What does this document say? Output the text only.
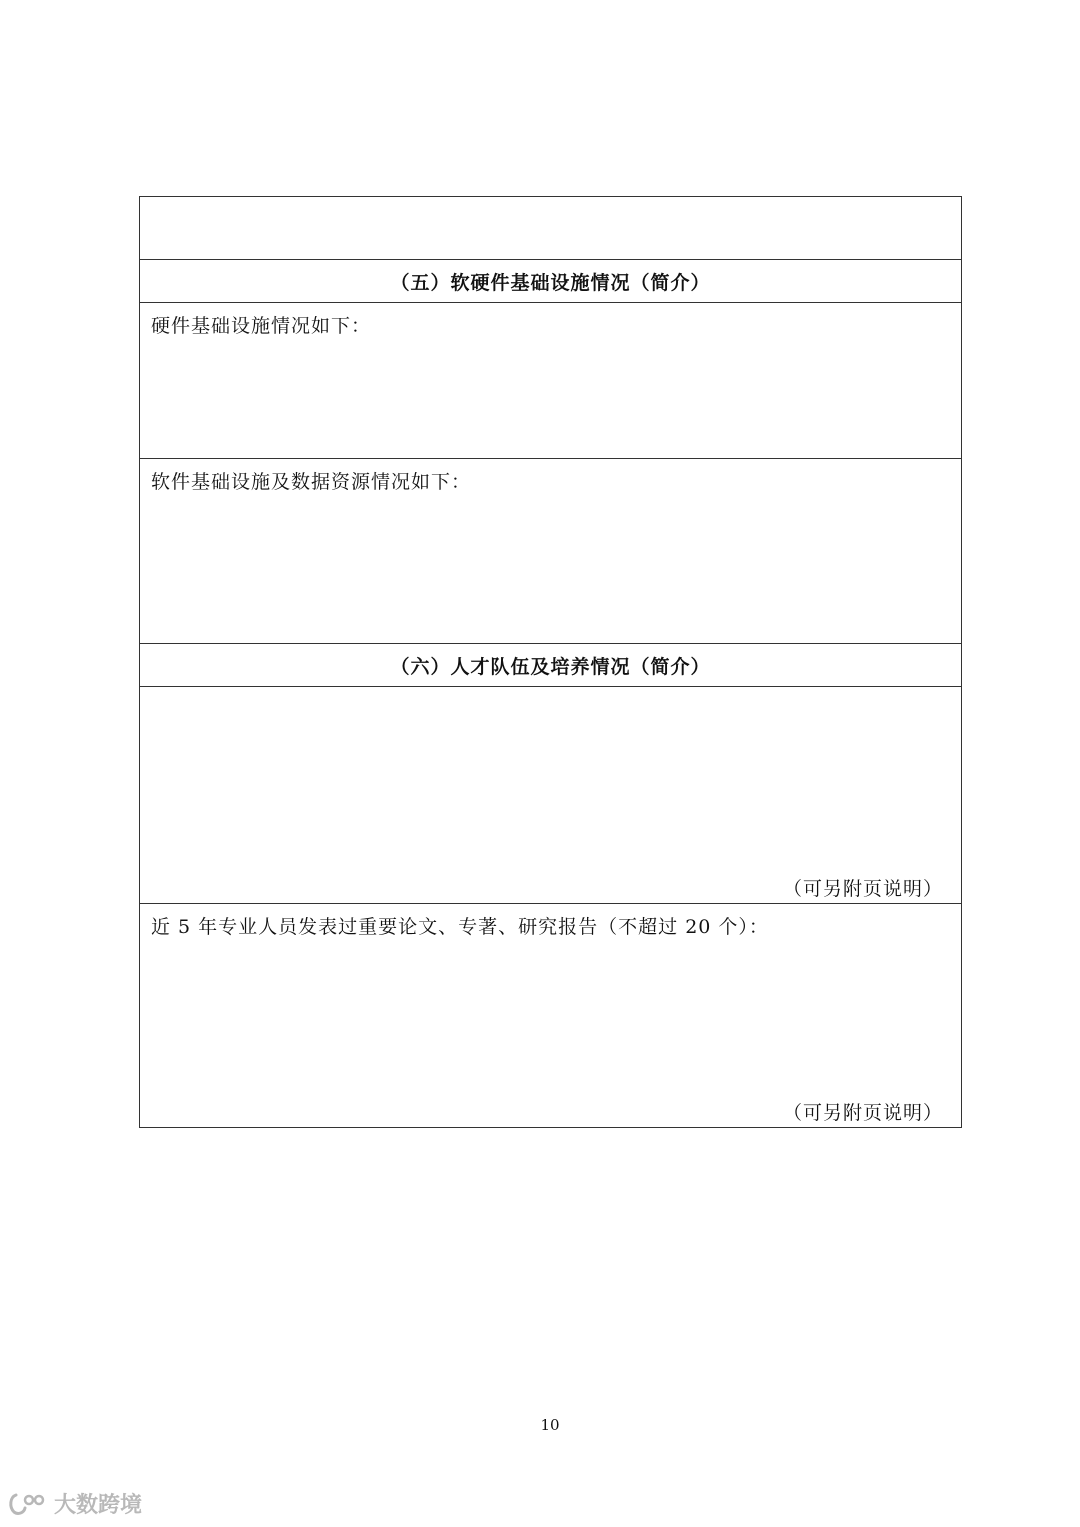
（五）软硬件基础设施情况（简介）
硬件基础设施情况如下：
软件基础设施及数据资源情况如下：
（六）人才队伍及培养情况（简介）
（可另附页说明）
近 5 年专业人员发表过重要论文、专著、研究报告（不超过 20 个）：
（可另附页说明）
10
大数跨境
